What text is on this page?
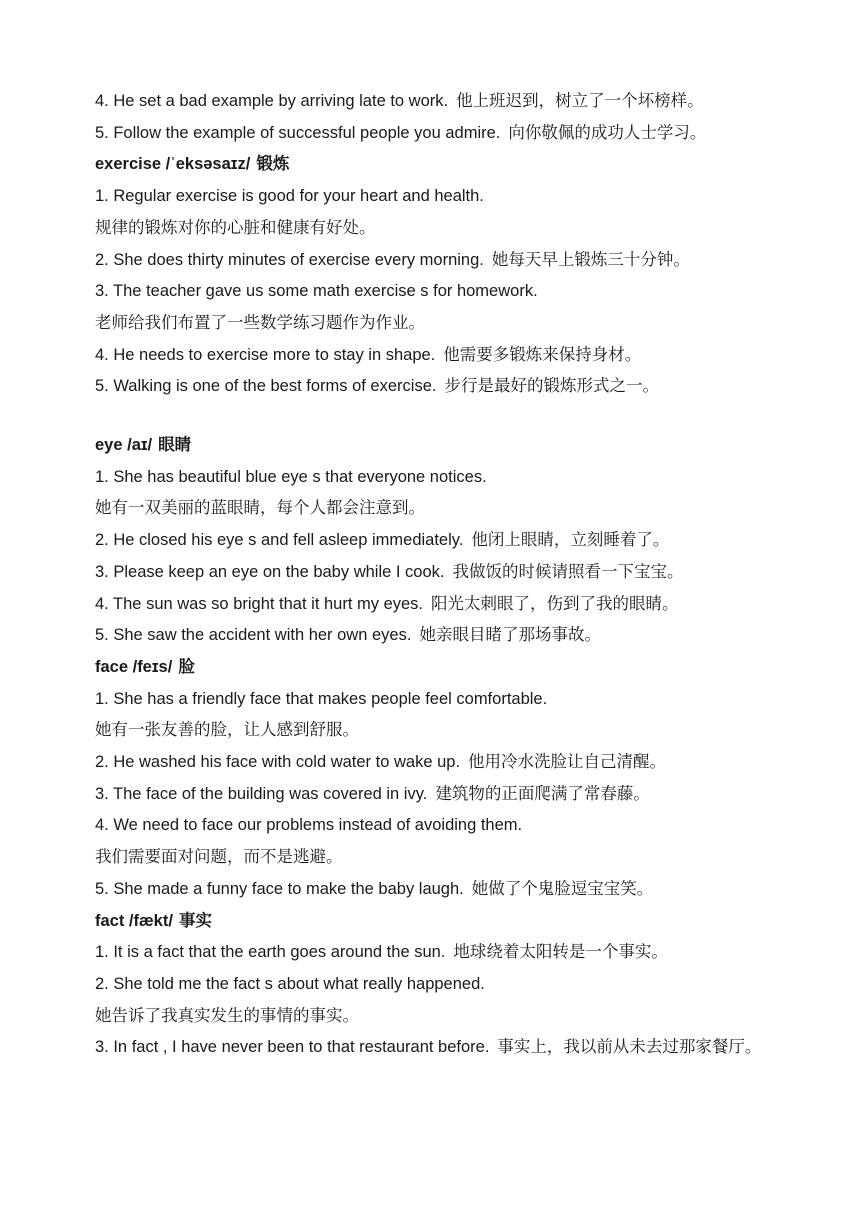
4. He set a bad example by arriving late to work. 他上班迟到，树立了一个坏榜样。
5. Follow the example of successful people you admire. 向你敬佩的成功人士学习。
exercise /ˈeksəsaɪz/ 锻炼
1. Regular exercise is good for your heart and health.
规律的锻炼对你的心脏和健康有好处。
2. She does thirty minutes of exercise every morning. 她每天早上锻炼三十分钟。
3. The teacher gave us some math exercise s for homework.
老师给我们布置了一些数学练习题作为作业。
4. He needs to exercise more to stay in shape. 他需要多锻炼来保持身材。
5. Walking is one of the best forms of exercise. 步行是最好的锻炼形式之一。
eye /aɪ/ 眼睛
1. She has beautiful blue eye s that everyone notices.
她有一双美丽的蓝眼睛，每个人都会注意到。
2. He closed his eye s and fell asleep immediately. 他闭上眼睛，立刻睡着了。
3. Please keep an eye on the baby while I cook. 我做饭的时候请照看一下宝宝。
4. The sun was so bright that it hurt my eyes. 阳光太刺眼了，伤到了我的眼睛。
5. She saw the accident with her own eyes. 她亲眼目睹了那场事故。
face /feɪs/ 脸
1. She has a friendly face that makes people feel comfortable.
她有一张友善的脸，让人感到舒服。
2. He washed his face with cold water to wake up. 他用冷水洗脸让自己清醒。
3. The face of the building was covered in ivy. 建筑物的正面爬满了常春藤。
4. We need to face our problems instead of avoiding them.
我们需要面对问题，而不是逃避。
5. She made a funny face to make the baby laugh. 她做了个鬼脸逗宝宝笑。
fact /fækt/ 事实
1. It is a fact that the earth goes around the sun. 地球绕着太阳转是一个事实。
2. She told me the fact s about what really happened.
她告诉了我真实发生的事情的事实。
3. In fact , I have never been to that restaurant before. 事实上，我以前从未去过那家餐厅。
